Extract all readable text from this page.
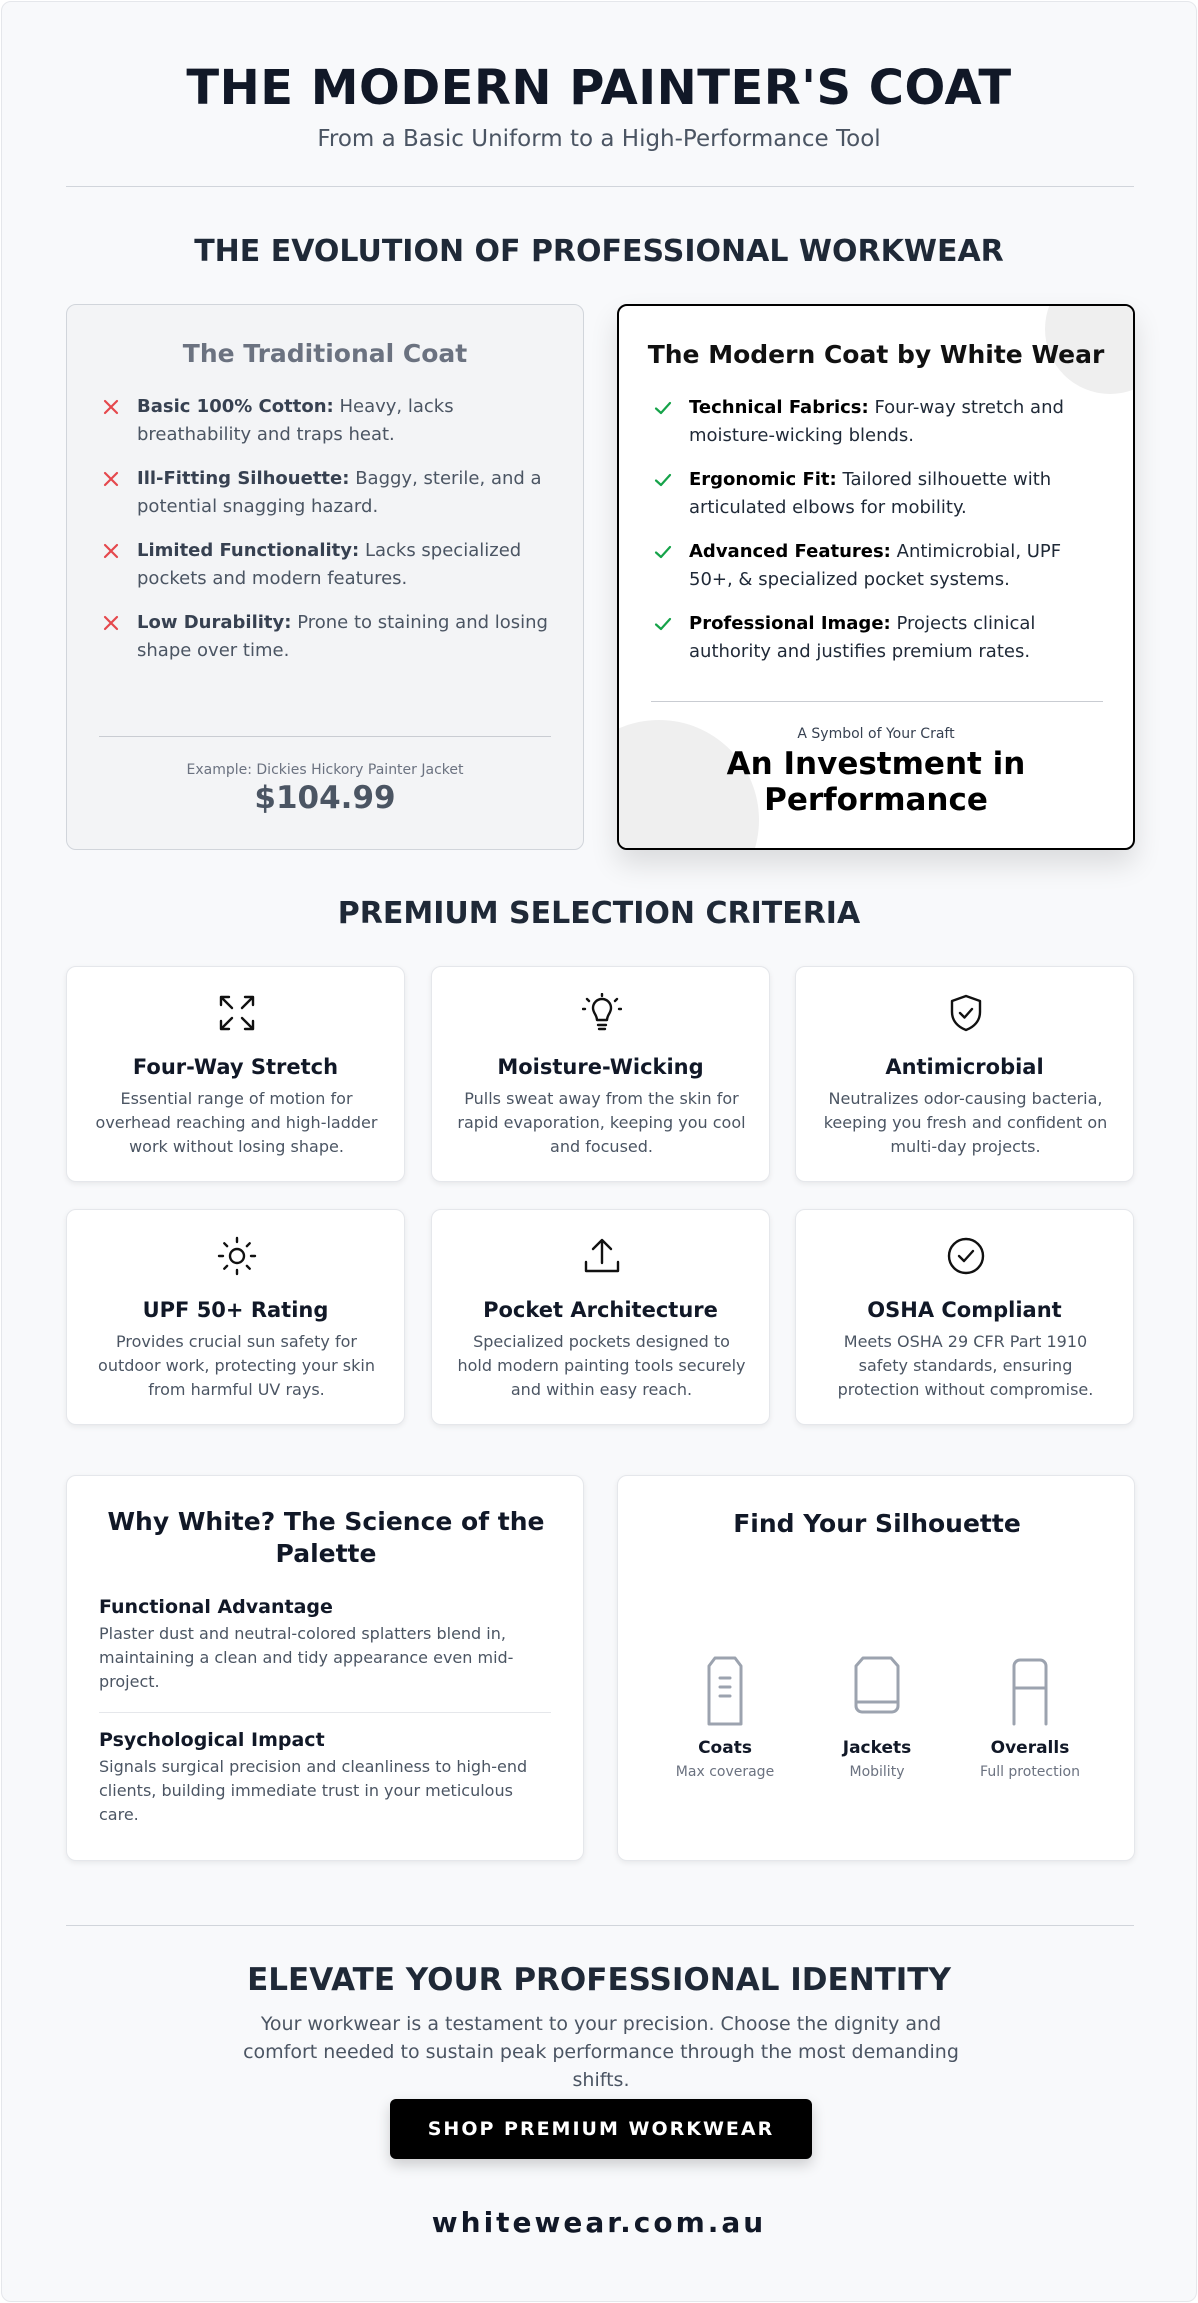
THE MODERN PAINTER'S COAT
From a Basic Uniform to a High-Performance Tool
THE EVOLUTION OF PROFESSIONAL WORKWEAR
The Traditional Coat
Basic 100% Cotton: Heavy, lacks breathability and traps heat.
Ill-Fitting Silhouette: Baggy, sterile, and a potential snagging hazard.
Limited Functionality: Lacks specialized pockets and modern features.
Low Durability: Prone to staining and losing shape over time.
Example: Dickies Hickory Painter Jacket
$104.99
The Modern Coat by White Wear
Technical Fabrics: Four-way stretch and moisture-wicking blends.
Ergonomic Fit: Tailored silhouette with articulated elbows for mobility.
Advanced Features: Antimicrobial, UPF 50+, & specialized pocket systems.
Professional Image: Projects clinical authority and justifies premium rates.
A Symbol of Your Craft
An Investment in
Performance
PREMIUM SELECTION CRITERIA
Four-Way Stretch
Essential range of motion for overhead reaching and high-ladder work without losing shape.
Moisture-Wicking
Pulls sweat away from the skin for rapid evaporation, keeping you cool and focused.
Antimicrobial
Neutralizes odor-causing bacteria, keeping you fresh and confident on multi-day projects.
UPF 50+ Rating
Provides crucial sun safety for outdoor work, protecting your skin from harmful UV rays.
Pocket Architecture
Specialized pockets designed to hold modern painting tools securely and within easy reach.
OSHA Compliant
Meets OSHA 29 CFR Part 1910 safety standards, ensuring protection without compromise.
Why White? The Science of the Palette
Functional Advantage
Plaster dust and neutral-colored splatters blend in, maintaining a clean and tidy appearance even mid-project.
Psychological Impact
Signals surgical precision and cleanliness to high-end clients, building immediate trust in your meticulous care.
Find Your Silhouette
Coats
Max coverage
Jackets
Mobility
Overalls
Full protection
ELEVATE YOUR PROFESSIONAL IDENTITY
Your workwear is a testament to your precision. Choose the dignity and comfort needed to sustain peak performance through the most demanding shifts.
SHOP PREMIUM WORKWEAR
whitewear.com.au
